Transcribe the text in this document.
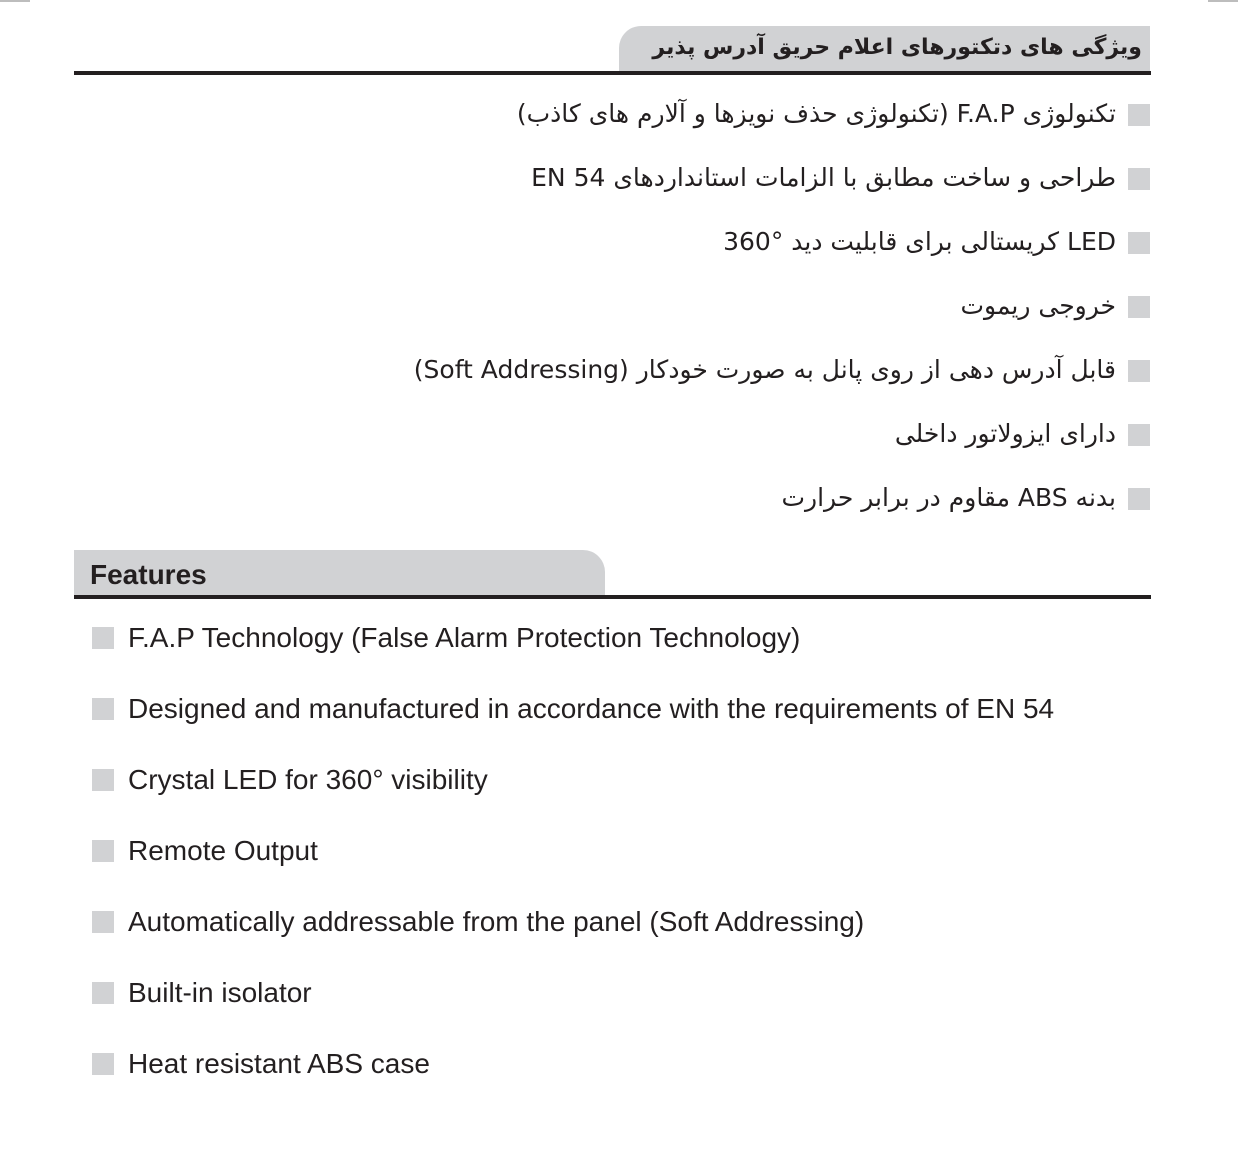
ویژگی های دتکتورهای اعلام حریق آدرس پذیر
تکنولوژی F.A.P (تکنولوژی حذف نویزها و آلارم های کاذب)
طراحی و ساخت مطابق با الزامات استانداردهای EN 54
LED کریستالی برای قابلیت دید °360
خروجی ریموت
قابل آدرس دهی از روی پانل به صورت خودکار (Soft Addressing)
دارای ایزولاتور داخلی
بدنه ABS مقاوم در برابر حرارت
Features
F.A.P Technology (False Alarm Protection Technology)
Designed and manufactured in accordance with the requirements of EN 54
Crystal LED for 360° visibility
Remote Output
Automatically addressable from the panel (Soft Addressing)
Built-in isolator
Heat resistant ABS case
